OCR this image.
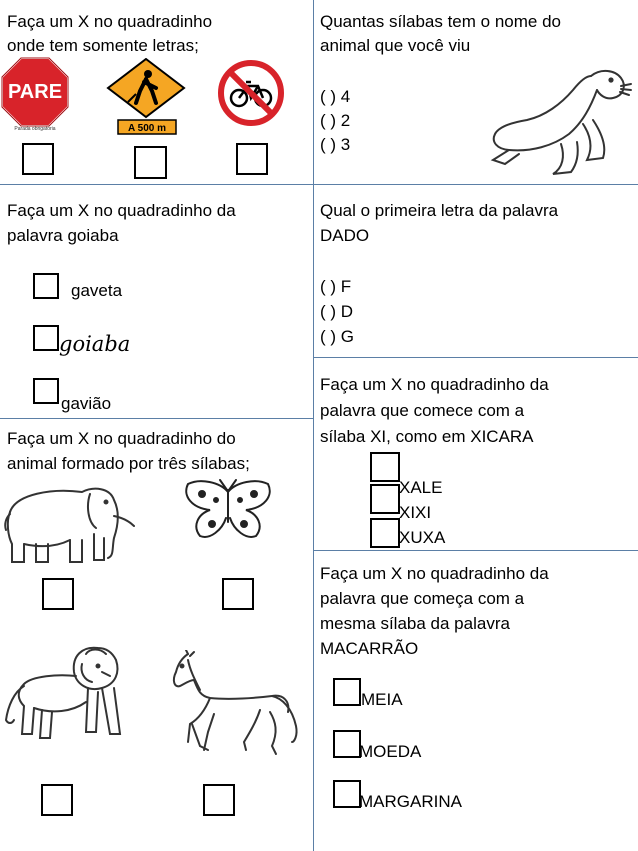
Faça um X no quadradinho
onde tem somente letras;
PARE
Parada obrigatória	A 500 m
Quantas sílabas tem o nome do
animal que você viu
( ) 4
( ) 2
( ) 3
Faça um X no quadradinho da
palavra goiaba
gaveta
goiaba
gavião
Qual o primeira letra da palavra
DADO
( ) F
( ) D
( ) G
Faça um X no quadradinho da
palavra que comece com a
sílaba XI, como em XICARA
XALE
XIXI
XUXA
Faça um X no quadradinho do
animal formado por três sílabas;
Faça um X no quadradinho da
palavra que começa com a
mesma sílaba da palavra
MACARRÃO
MEIA
MOEDA
MARGARINA
